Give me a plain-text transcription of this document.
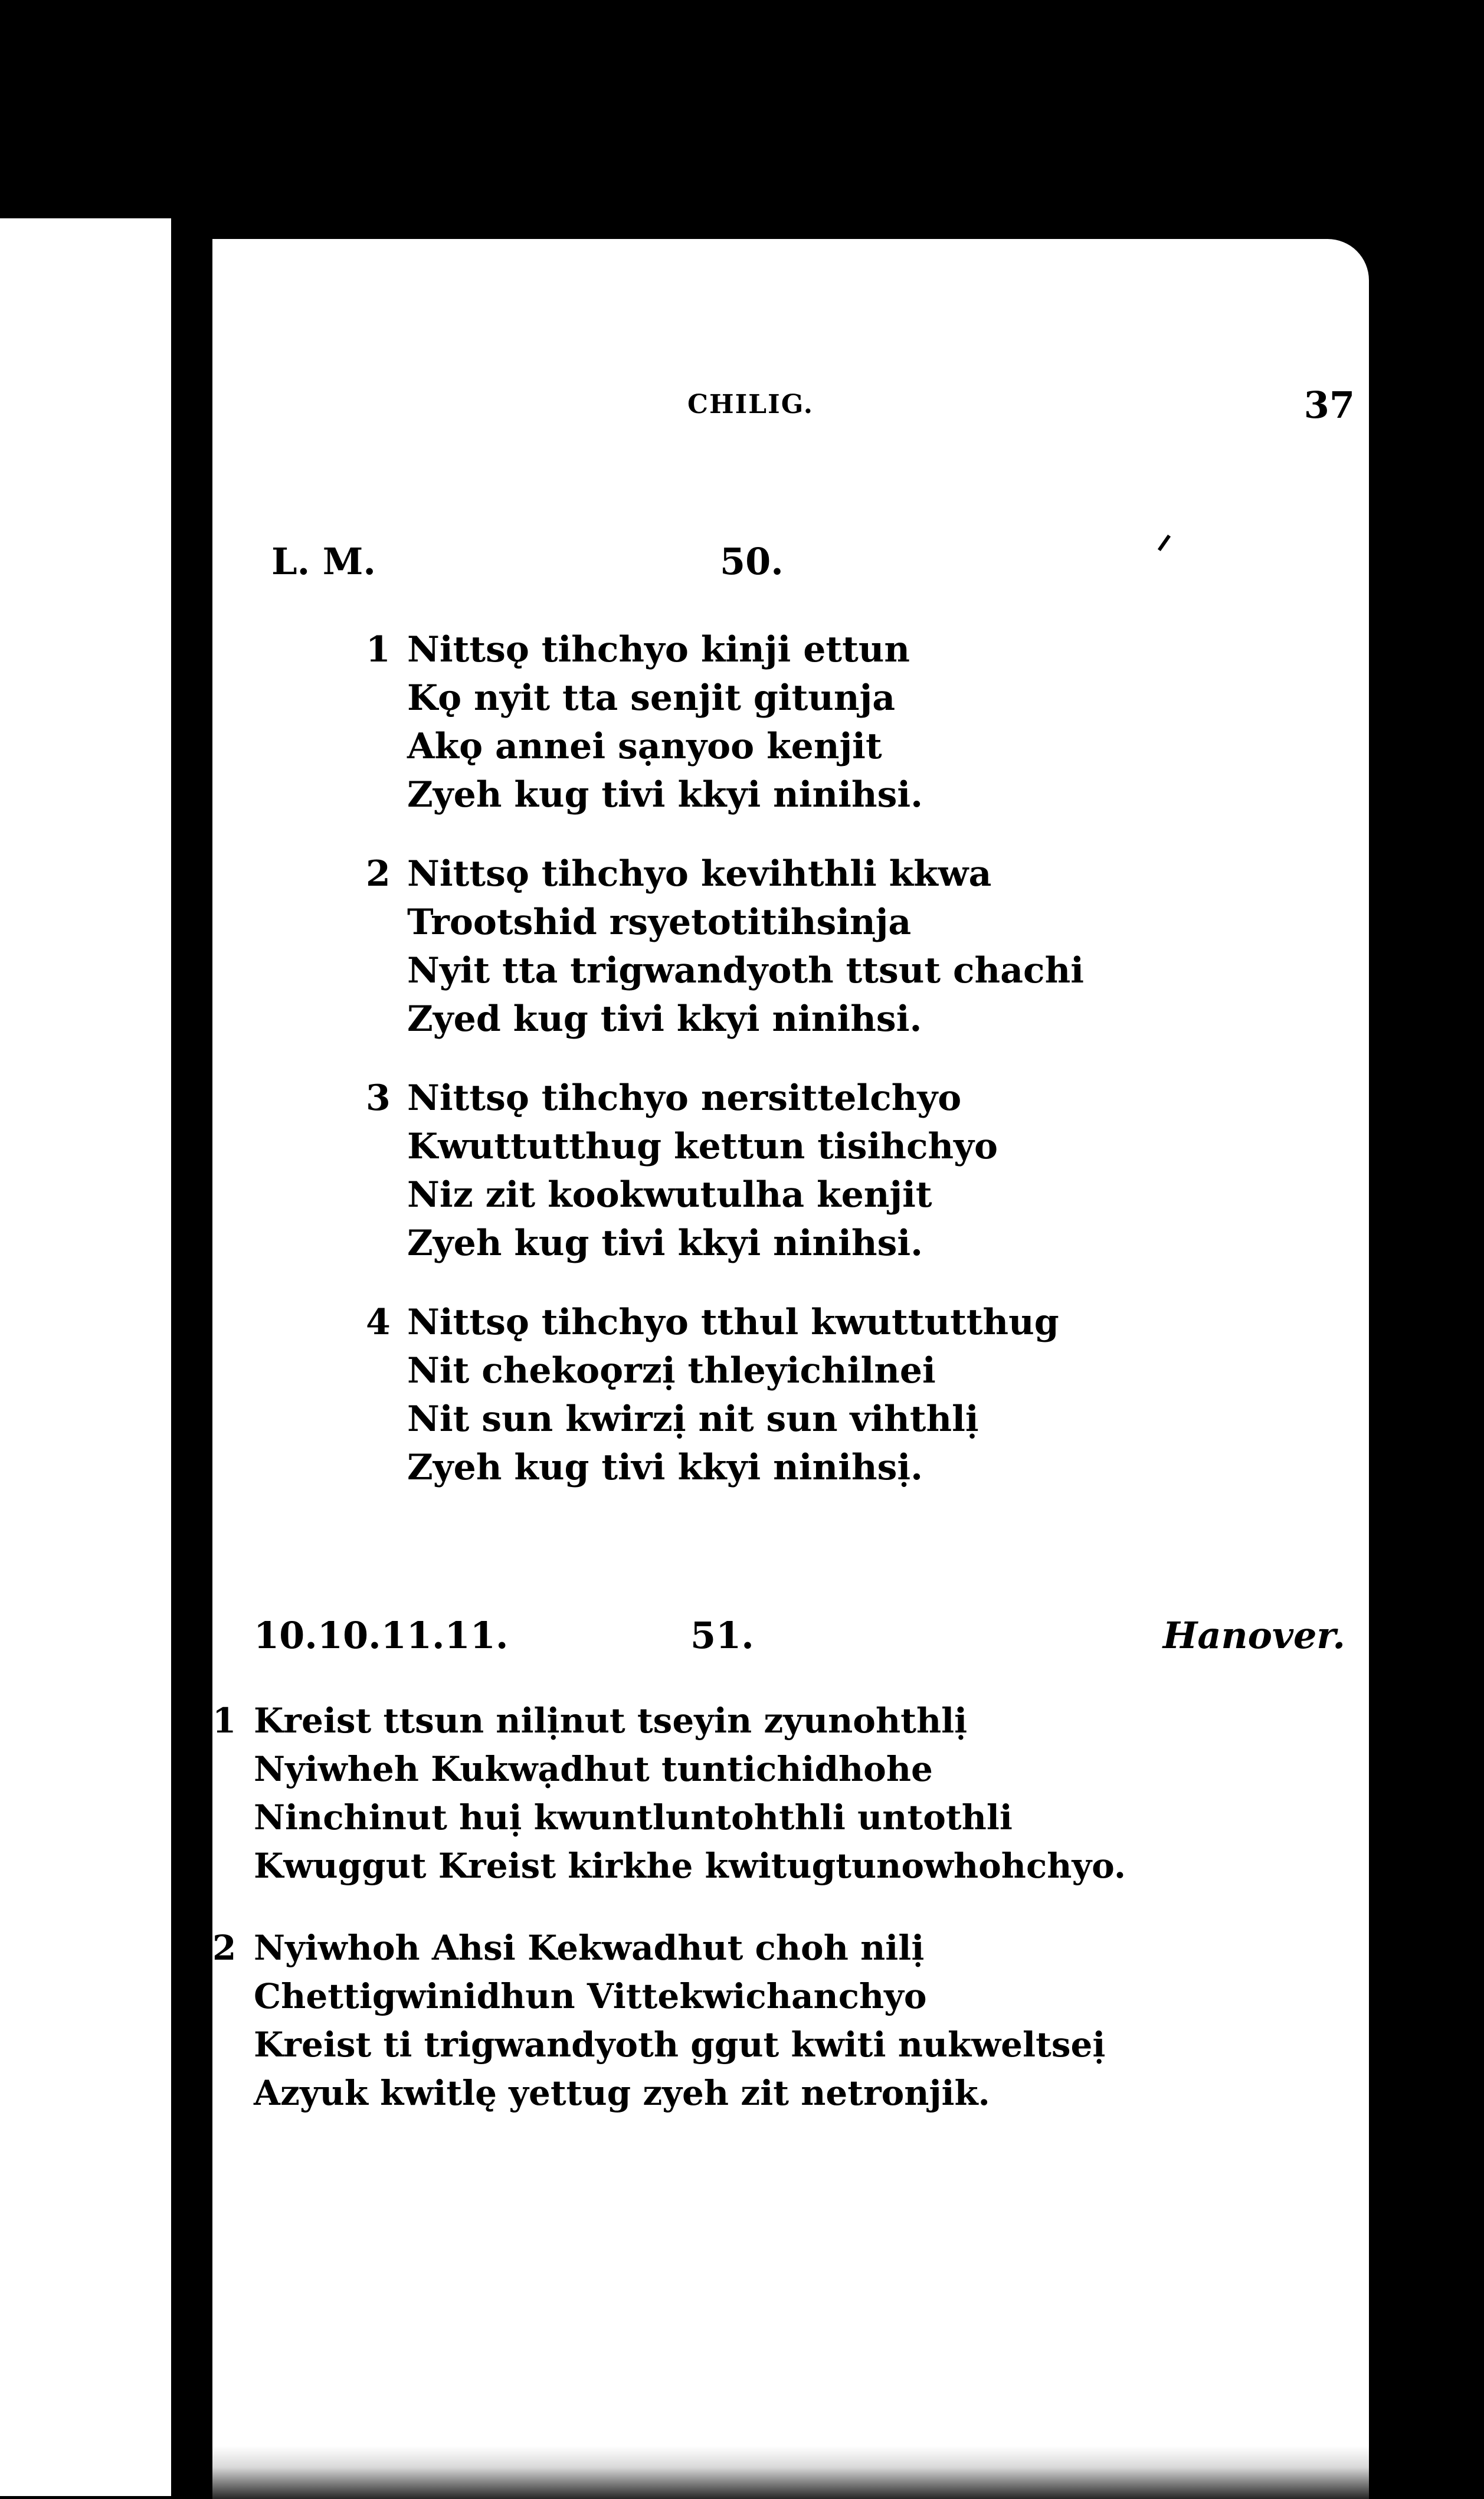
CHILIG.	37
L. M.	50.
1 Nittsǫ tihchyo kinji ettun
Kǫ nyit tta senjit gitunja
Akǫ annei sạnyoo kenjit
Zyeh kug tivi kkyi ninihsi.
2 Nittsǫ tihchyo kevihthli kkwa
Trootshid rsyetotitihsinja
Nyit tta trigwandyoth ttsut chachi
Zyed kug tivi kkyi ninihsi.
3 Nittsǫ tihchyo nersittelchyo
Kwuttutthug kettun tisihchyo
Niz zit kookwutulha kenjit
Zyeh kug tivi kkyi ninihsi.
4 Nittsǫ tihchyo tthul kwuttutthug
Nit chekoǫrzị thleyichilnei
Nit sun kwirzị nit sun vihthlị
Zyeh kug tivi kkyi ninihsị.
10.10.11.11.	51.	Hanover.
1 Kreist ttsun nilịnut tseyin zyunohthlị
Nyiwheh Kukwạdhut tuntichidhohe
Ninchinut huị kwuntluntohthli untothli
Kwuggut Kreist kirkhe kwitugtunowhohchyo.
2 Nyiwhoh Ahsi Kekwadhut choh nilị
Chettigwinidhun Vittekwichanchyo
Kreist ti trigwandyoth ggut kwiti nukweltseị
Azyuk kwitlę yettug zyeh zit netronjik.
